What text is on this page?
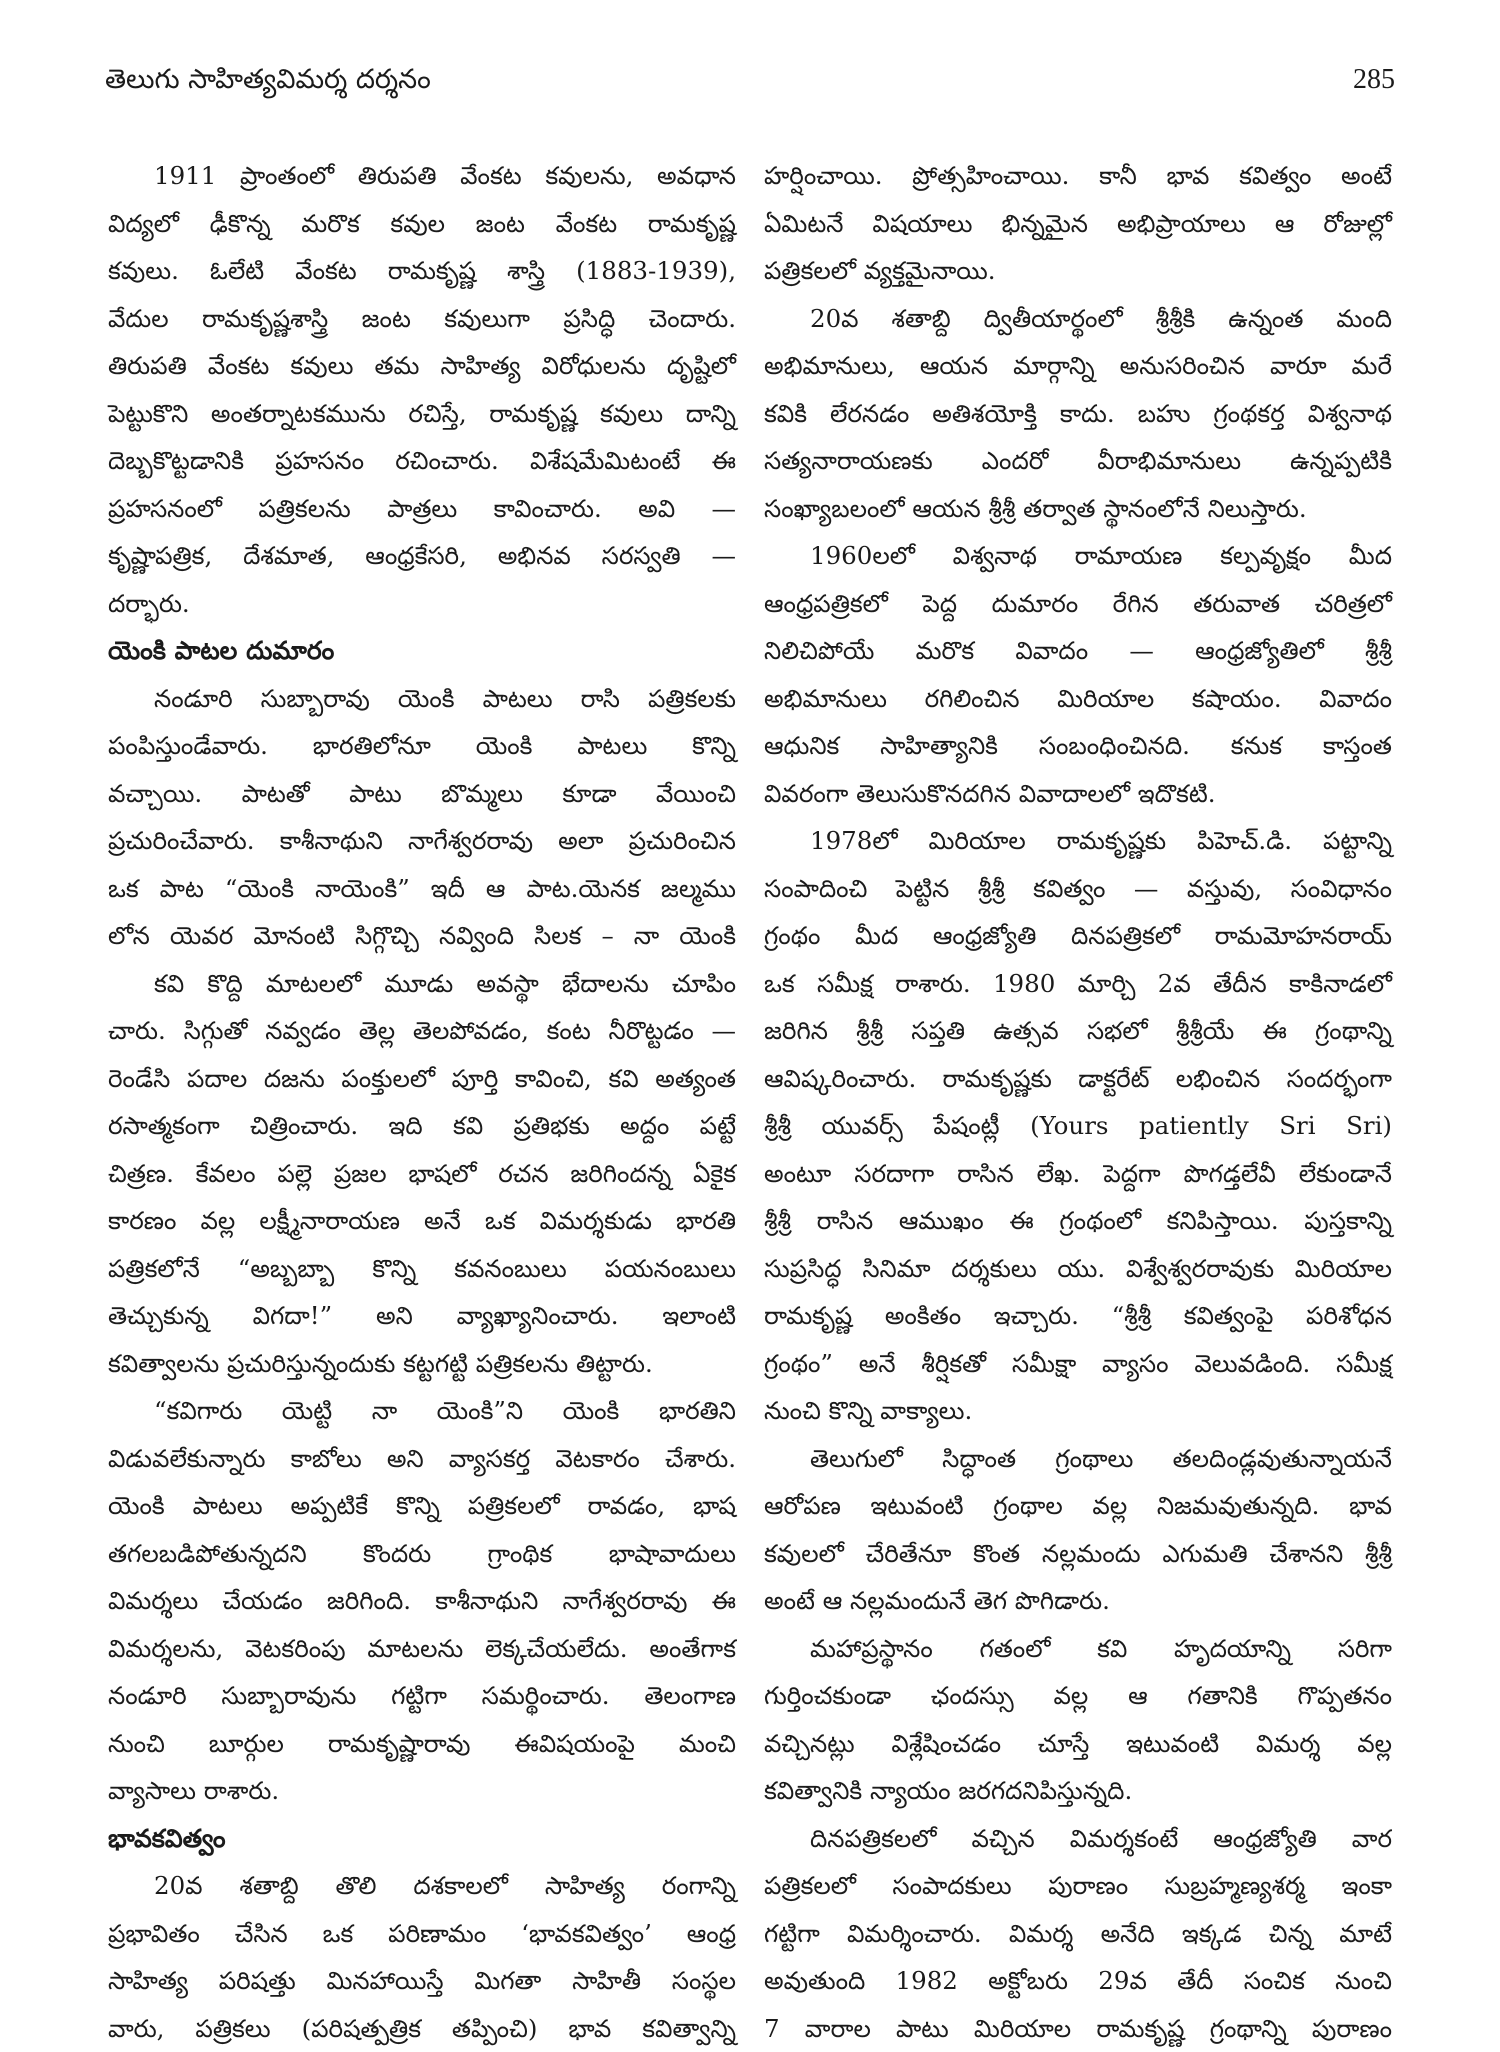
తెలుగు సాహిత్యవిమర్శ దర్శనం	285
1911 ప్రాంతంలో తిరుపతి వేంకట కవులను, అవధాన
విద్యలో ఢీకొన్న మరొక కవుల జంట వేంకట రామకృష్ణ
కవులు. ఓలేటి వేంకట రామకృష్ణ శాస్త్రి (1883-1939),
వేదుల రామకృష్ణశాస్త్రి జంట కవులుగా ప్రసిద్ధి చెందారు.
తిరుపతి వేంకట కవులు తమ సాహిత్య విరోధులను దృష్టిలో
పెట్టుకొని అంతర్నాటకమును రచిస్తే, రామకృష్ణ కవులు దాన్ని
దెబ్బకొట్టడానికి ప్రహసనం రచించారు. విశేషమేమిటంటే ఈ
ప్రహసనంలో పత్రికలను పాత్రలు కావించారు. అవి —
కృష్ణాపత్రిక, దేశమాత, ఆంధ్రకేసరి, అభినవ సరస్వతి —
దర్భారు.
యెంకి పాటల దుమారం
నండూరి సుబ్బారావు యెంకి పాటలు రాసి పత్రికలకు
పంపిస్తుండేవారు. భారతిలోనూ యెంకి పాటలు కొన్ని
వచ్చాయి. పాటతో పాటు బొమ్మలు కూడా వేయించి
ప్రచురించేవారు. కాశీనాథుని నాగేశ్వరరావు అలా ప్రచురించిన
ఒక పాట “యెంకి నాయెంకి” ఇదీ ఆ పాట.యెనక జల్మము
లోన యెవర మోనంటి సిగ్గొచ్చి నవ్వింది సిలక – నా యెంకి
కవి కొద్ది మాటలలో మూడు అవస్థా భేదాలను చూపిం
చారు. సిగ్గుతో నవ్వడం తెల్ల తెలపోవడం, కంట నీరొట్టడం —
రెండేసి పదాల దజను పంక్తులలో పూర్తి కావించి, కవి అత్యంత
రసాత్మకంగా చిత్రించారు. ఇది కవి ప్రతిభకు అద్దం పట్టే
చిత్రణ. కేవలం పల్లె ప్రజల భాషలో రచన జరిగిందన్న ఏకైక
కారణం వల్ల లక్ష్మీనారాయణ అనే ఒక విమర్శకుడు భారతి
పత్రికలోనే “అబ్బబ్బా కొన్ని కవనంబులు పయనంబులు
తెచ్చుకున్న విగదా!” అని వ్యాఖ్యానించారు. ఇలాంటి
కవిత్వాలను ప్రచురిస్తున్నందుకు కట్టగట్టి పత్రికలను తిట్టారు.
“కవిగారు యెట్టి నా యెంకి”ని యెంకి భారతిని
విడువలేకున్నారు కాబోలు అని వ్యాసకర్త వెటకారం చేశారు.
యెంకి పాటలు అప్పటికే కొన్ని పత్రికలలో రావడం, భాష
తగలబడిపోతున్నదని కొందరు గ్రాంథిక భాషావాదులు
విమర్శలు చేయడం జరిగింది. కాశీనాథుని నాగేశ్వరరావు ఈ
విమర్శలను, వెటకరింపు మాటలను లెక్కచేయలేదు. అంతేగాక
నండూరి సుబ్బారావును గట్టిగా సమర్థించారు. తెలంగాణ
నుంచి బూర్గుల రామకృష్ణారావు ఈవిషయంపై మంచి
వ్యాసాలు రాశారు.
భావకవిత్వం
20వ శతాబ్ది తొలి దశకాలలో సాహిత్య రంగాన్ని
ప్రభావితం చేసిన ఒక పరిణామం ‘భావకవిత్వం’ ఆంధ్ర
సాహిత్య పరిషత్తు మినహాయిస్తే మిగతా సాహితీ సంస్థల
వారు, పత్రికలు (పరిషత్పత్రిక తప్పించి) భావ కవిత్వాన్ని
హర్షించాయి. ప్రోత్సహించాయి. కానీ భావ కవిత్వం అంటే
ఏమిటనే విషయాలు భిన్నమైన అభిప్రాయాలు ఆ రోజుల్లో
పత్రికలలో వ్యక్తమైనాయి.
20వ శతాబ్ది ద్వితీయార్థంలో శ్రీశ్రీకి ఉన్నంత మంది
అభిమానులు, ఆయన మార్గాన్ని అనుసరించిన వారూ మరే
కవికి లేరనడం అతిశయోక్తి కాదు. బహు గ్రంథకర్త విశ్వనాథ
సత్యనారాయణకు ఎందరో వీరాభిమానులు ఉన్నప్పటికి
సంఖ్యాబలంలో ఆయన శ్రీశ్రీ తర్వాత స్థానంలోనే నిలుస్తారు.
1960లలో విశ్వనాథ రామాయణ కల్పవృక్షం మీద
ఆంధ్రపత్రికలో పెద్ద దుమారం రేగిన తరువాత చరిత్రలో
నిలిచిపోయే మరొక వివాదం — ఆంధ్రజ్యోతిలో శ్రీశ్రీ
అభిమానులు రగిలించిన మిరియాల కషాయం. వివాదం
ఆధునిక సాహిత్యానికి సంబంధించినది. కనుక కాస్తంత
వివరంగా తెలుసుకొనదగిన వివాదాలలో ఇదొకటి.
1978లో మిరియాల రామకృష్ణకు పిహెచ్.డి. పట్టాన్ని
సంపాదించి పెట్టిన శ్రీశ్రీ కవిత్వం — వస్తువు, సంవిధానం
గ్రంథం మీద ఆంధ్రజ్యోతి దినపత్రికలో రామమోహనరాయ్
ఒక సమీక్ష రాశారు. 1980 మార్చి 2వ తేదీన కాకినాడలో
జరిగిన శ్రీశ్రీ సప్తతి ఉత్సవ సభలో శ్రీశ్రీయే ఈ గ్రంథాన్ని
ఆవిష్కరించారు. రామకృష్ణకు డాక్టరేట్ లభించిన సందర్భంగా
శ్రీశ్రీ యువర్స్ పేషంట్లీ (Yours patiently Sri Sri)
అంటూ సరదాగా రాసిన లేఖ. పెద్దగా పొగడ్తలేవీ లేకుండానే
శ్రీశ్రీ రాసిన ఆముఖం ఈ గ్రంథంలో కనిపిస్తాయి. పుస్తకాన్ని
సుప్రసిద్ధ సినిమా దర్శకులు యు. విశ్వేశ్వరరావుకు మిరియాల
రామకృష్ణ అంకితం ఇచ్చారు. “శ్రీశ్రీ కవిత్వంపై పరిశోధన
గ్రంథం” అనే శీర్షికతో సమీక్షా వ్యాసం వెలువడింది. సమీక్ష
నుంచి కొన్ని వాక్యాలు.
తెలుగులో సిద్ధాంత గ్రంథాలు తలదిండ్లవుతున్నాయనే
ఆరోపణ ఇటువంటి గ్రంథాల వల్ల నిజమవుతున్నది. భావ
కవులలో చేరితేనూ కొంత నల్లమందు ఎగుమతి చేశానని శ్రీశ్రీ
అంటే ఆ నల్లమందునే తెగ పొగిడారు.
మహాప్రస్థానం గతంలో కవి హృదయాన్ని సరిగా
గుర్తించకుండా ఛందస్సు వల్ల ఆ గతానికి గొప్పతనం
వచ్చినట్లు విశ్లేషించడం చూస్తే ఇటువంటి విమర్శ వల్ల
కవిత్వానికి న్యాయం జరగదనిపిస్తున్నది.
దినపత్రికలలో వచ్చిన విమర్శకంటే ఆంధ్రజ్యోతి వార
పత్రికలలో సంపాదకులు పురాణం సుబ్రహ్మణ్యశర్మ ఇంకా
గట్టిగా విమర్శించారు. విమర్శ అనేది ఇక్కడ చిన్న మాటే
అవుతుంది 1982 అక్టోబరు 29వ తేదీ సంచిక నుంచి
7 వారాల పాటు మిరియాల రామకృష్ణ గ్రంథాన్ని పురాణం
